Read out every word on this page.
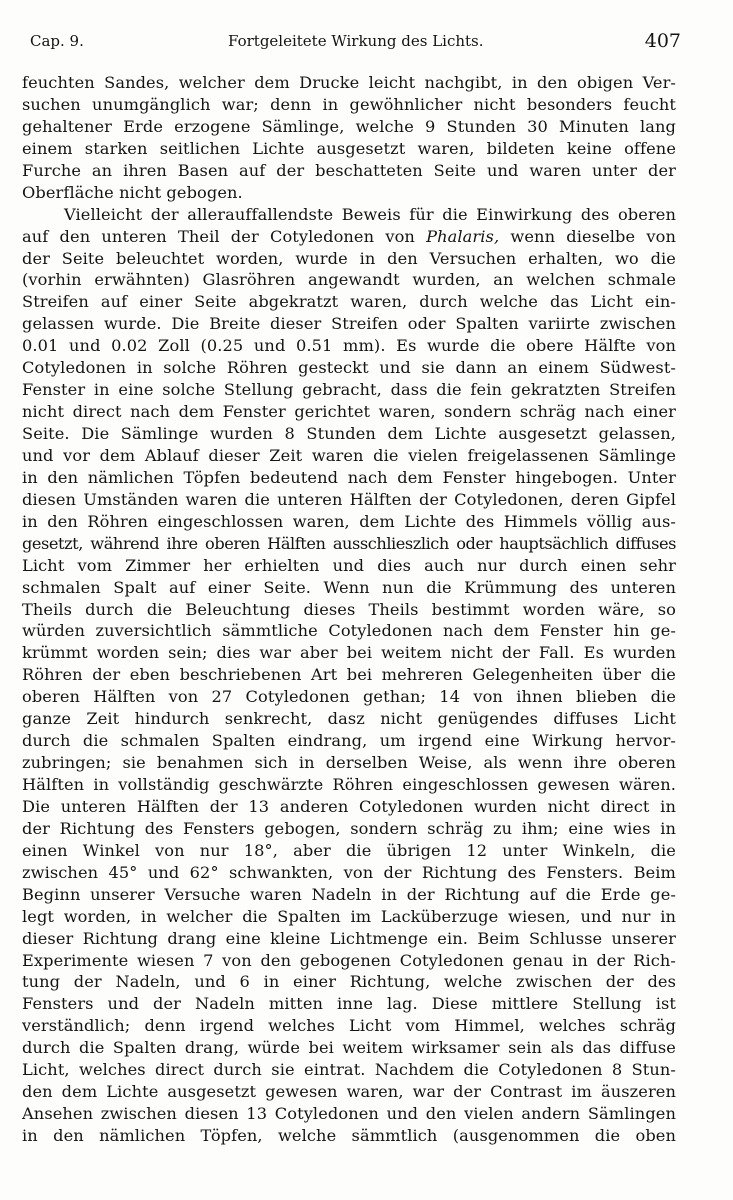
Cap. 9.	Fortgeleitete Wirkung des Lichts.	407
feuchten Sandes, welcher dem Drucke leicht nachgibt, in den obigen Ver-
suchen unumgänglich war; denn in gewöhnlicher nicht besonders feucht
gehaltener Erde erzogene Sämlinge, welche 9 Stunden 30 Minuten lang
einem starken seitlichen Lichte ausgesetzt waren, bildeten keine offene
Furche an ihren Basen auf der beschatteten Seite und waren unter der
Oberfläche nicht gebogen.
Vielleicht der allerauffallendste Beweis für die Einwirkung des oberen
auf den unteren Theil der Cotyledonen von Phalaris, wenn dieselbe von
der Seite beleuchtet worden, wurde in den Versuchen erhalten, wo die
(vorhin erwähnten) Glasröhren angewandt wurden, an welchen schmale
Streifen auf einer Seite abgekratzt waren, durch welche das Licht ein-
gelassen wurde. Die Breite dieser Streifen oder Spalten variirte zwischen
0.01 und 0.02 Zoll (0.25 und 0.51 mm). Es wurde die obere Hälfte von
Cotyledonen in solche Röhren gesteckt und sie dann an einem Südwest-
Fenster in eine solche Stellung gebracht, dass die fein gekratzten Streifen
nicht direct nach dem Fenster gerichtet waren, sondern schräg nach einer
Seite. Die Sämlinge wurden 8 Stunden dem Lichte ausgesetzt gelassen,
und vor dem Ablauf dieser Zeit waren die vielen freigelassenen Sämlinge
in den nämlichen Töpfen bedeutend nach dem Fenster hingebogen. Unter
diesen Umständen waren die unteren Hälften der Cotyledonen, deren Gipfel
in den Röhren eingeschlossen waren, dem Lichte des Himmels völlig aus-
gesetzt, während ihre oberen Hälften ausschlieszlich oder hauptsächlich diffuses
Licht vom Zimmer her erhielten und dies auch nur durch einen sehr
schmalen Spalt auf einer Seite. Wenn nun die Krümmung des unteren
Theils durch die Beleuchtung dieses Theils bestimmt worden wäre, so
würden zuversichtlich sämmtliche Cotyledonen nach dem Fenster hin ge-
krümmt worden sein; dies war aber bei weitem nicht der Fall. Es wurden
Röhren der eben beschriebenen Art bei mehreren Gelegenheiten über die
oberen Hälften von 27 Cotyledonen gethan; 14 von ihnen blieben die
ganze Zeit hindurch senkrecht, dasz nicht genügendes diffuses Licht
durch die schmalen Spalten eindrang, um irgend eine Wirkung hervor-
zubringen; sie benahmen sich in derselben Weise, als wenn ihre oberen
Hälften in vollständig geschwärzte Röhren eingeschlossen gewesen wären.
Die unteren Hälften der 13 anderen Cotyledonen wurden nicht direct in
der Richtung des Fensters gebogen, sondern schräg zu ihm; eine wies in
einen Winkel von nur 18°, aber die übrigen 12 unter Winkeln, die
zwischen 45° und 62° schwankten, von der Richtung des Fensters. Beim
Beginn unserer Versuche waren Nadeln in der Richtung auf die Erde ge-
legt worden, in welcher die Spalten im Lacküberzuge wiesen, und nur in
dieser Richtung drang eine kleine Lichtmenge ein. Beim Schlusse unserer
Experimente wiesen 7 von den gebogenen Cotyledonen genau in der Rich-
tung der Nadeln, und 6 in einer Richtung, welche zwischen der des
Fensters und der Nadeln mitten inne lag. Diese mittlere Stellung ist
verständlich; denn irgend welches Licht vom Himmel, welches schräg
durch die Spalten drang, würde bei weitem wirksamer sein als das diffuse
Licht, welches direct durch sie eintrat. Nachdem die Cotyledonen 8 Stun-
den dem Lichte ausgesetzt gewesen waren, war der Contrast im äuszeren
Ansehen zwischen diesen 13 Cotyledonen und den vielen andern Sämlingen
in den nämlichen Töpfen, welche sämmtlich (ausgenommen die oben
